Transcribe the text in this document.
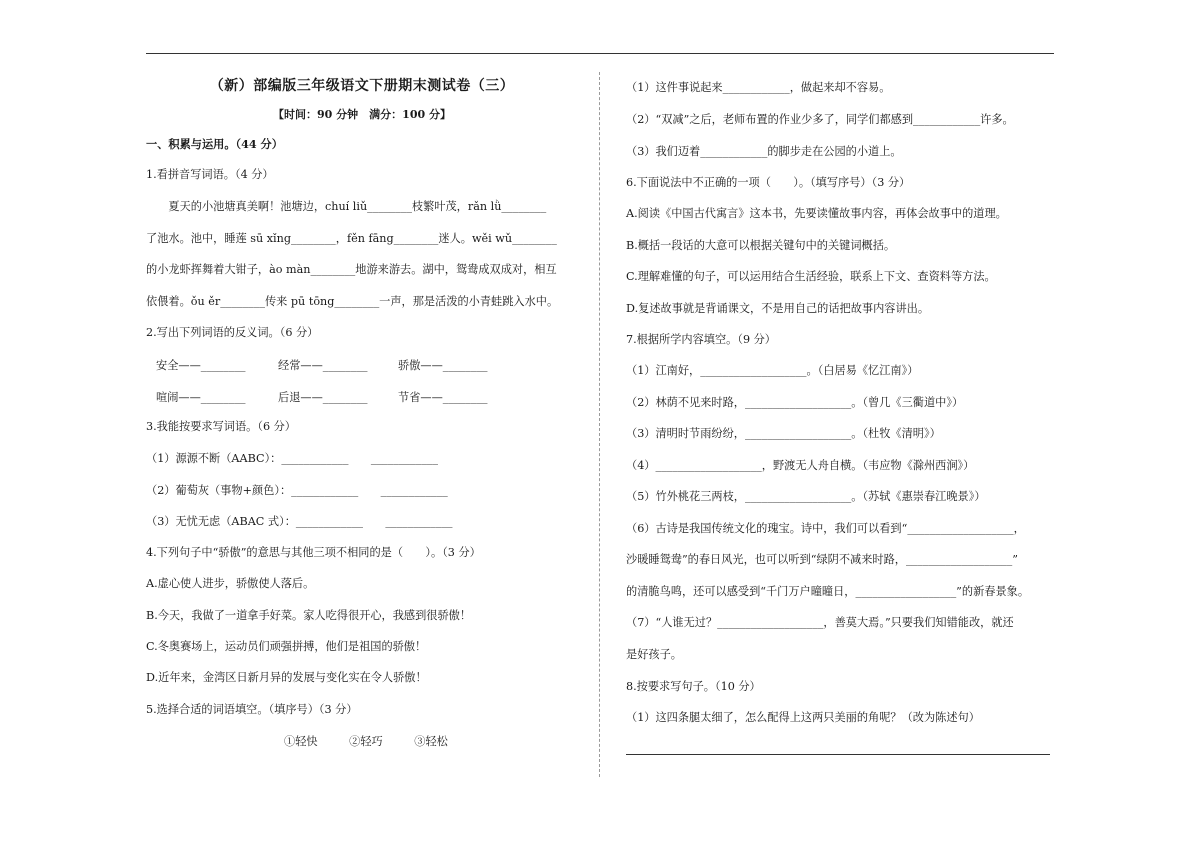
（新）部编版三年级语文下册期末测试卷（三）
【时间：90 分钟　满分：100 分】
一、积累与运用。（44 分）
1.看拼音写词语。（4 分）
　　夏天的小池塘真美啊！池塘边，chuí liǔ________枝繁叶茂，rǎn lǜ________
了池水。池中，睡莲 sū xǐng________，fěn fāng________迷人。wěi wǔ________
的小龙虾挥舞着大钳子，ào màn________地游来游去。湖中，鸳鸯成双成对，相互
依偎着。ǒu ěr________传来 pū tōng________一声，那是活泼的小青蛙跳入水中。
2.写出下列词语的反义词。（6 分）
安全——________	经常——________	骄傲——________
喧闹——________	后退——________	节省——________
3.我能按要求写词语。（6 分）
（1）源源不断（AABC）：____________　　____________
（2）葡萄灰（事物+颜色）：____________　　____________
（3）无忧无虑（ABAC 式）：____________　　____________
4.下列句子中“骄傲”的意思与其他三项不相同的是（　　）。（3 分）
A.虚心使人进步，骄傲使人落后。
B.今天，我做了一道拿手好菜。家人吃得很开心，我感到很骄傲！
C.冬奥赛场上，运动员们顽强拼搏，他们是祖国的骄傲！
D.近年来，金湾区日新月异的发展与变化实在令人骄傲！
5.选择合适的词语填空。（填序号）（3 分）
①轻快	②轻巧	③轻松
（1）这件事说起来____________，做起来却不容易。
（2）“双减”之后，老师布置的作业少多了，同学们都感到____________许多。
（3）我们迈着____________的脚步走在公园的小道上。
6.下面说法中不正确的一项（　　）。（填写序号）（3 分）
A.阅读《中国古代寓言》这本书，先要读懂故事内容，再体会故事中的道理。
B.概括一段话的大意可以根据关键句中的关键词概括。
C.理解难懂的句子，可以运用结合生活经验，联系上下文、查资料等方法。
D.复述故事就是背诵课文，不是用自己的话把故事内容讲出。
7.根据所学内容填空。（9 分）
（1）江南好，___________________。（白居易《忆江南》）
（2）林荫不见来时路，___________________。（曾几《三衢道中》）
（3）清明时节雨纷纷，___________________。（杜牧《清明》）
（4）___________________，野渡无人舟自横。（韦应物《滁州西涧》）
（5）竹外桃花三两枝，___________________。（苏轼《惠崇春江晚景》）
（6）古诗是我国传统文化的瑰宝。诗中，我们可以看到“___________________，
沙暖睡鸳鸯”的春日风光，也可以听到“绿阴不减来时路，___________________”
的清脆鸟鸣，还可以感受到“千门万户曈曈日，__________________”的新春景象。
（7）“人谁无过？___________________，善莫大焉。”只要我们知错能改，就还
是好孩子。
8.按要求写句子。（10 分）
（1）这四条腿太细了，怎么配得上这两只美丽的角呢？（改为陈述句）
